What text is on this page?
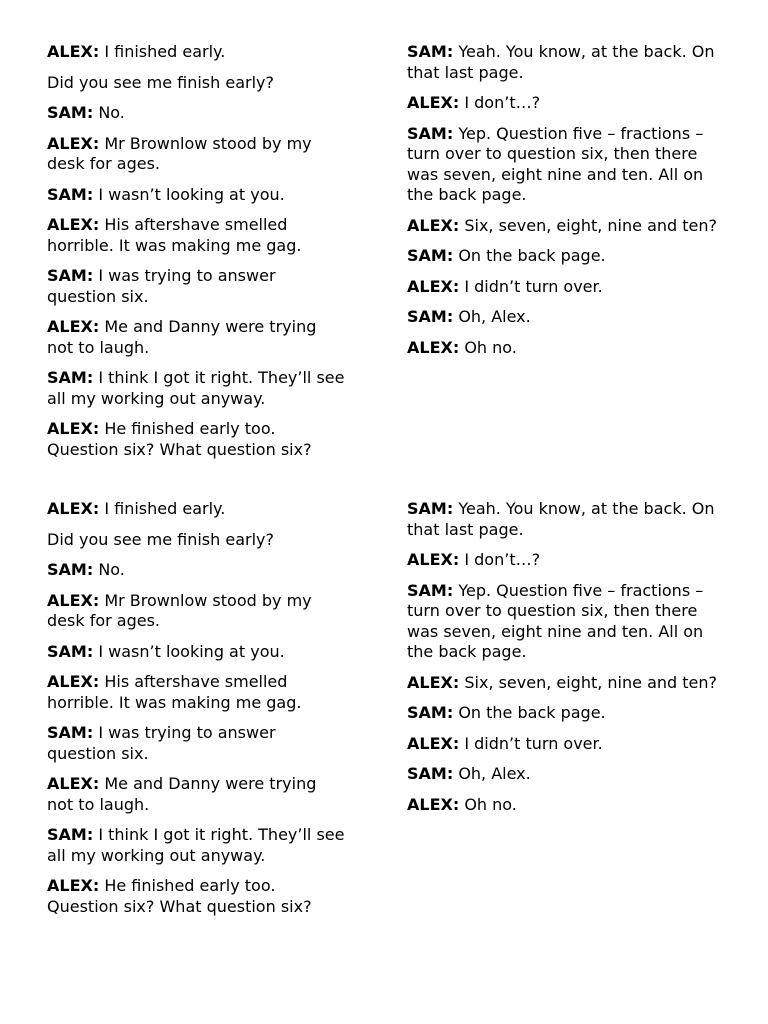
ALEX: I finished early.

Did you see me finish early?

SAM: No.

ALEX: Mr Brownlow stood by my desk for ages.

SAM: I wasn’t looking at you.

ALEX: His aftershave smelled horrible. It was making me gag.

SAM: I was trying to answer question six.

ALEX: Me and Danny were trying not to laugh.

SAM: I think I got it right. They’ll see all my working out anyway.

ALEX: He finished early too. Question six? What question six?

SAM: Yeah. You know, at the back. On that last page.

ALEX: I don’t…?

SAM: Yep. Question five – fractions – turn over to question six, then there was seven, eight nine and ten. All on the back page.

ALEX: Six, seven, eight, nine and ten?

SAM: On the back page.

ALEX: I didn’t turn over.

SAM: Oh, Alex.

ALEX: Oh no.

ALEX: I finished early.

Did you see me finish early?

SAM: No.

ALEX: Mr Brownlow stood by my desk for ages.

SAM: I wasn’t looking at you.

ALEX: His aftershave smelled horrible. It was making me gag.

SAM: I was trying to answer question six.

ALEX: Me and Danny were trying not to laugh.

SAM: I think I got it right. They’ll see all my working out anyway.

ALEX: He finished early too. Question six? What question six?

SAM: Yeah. You know, at the back. On that last page.

ALEX: I don’t…?

SAM: Yep. Question five – fractions – turn over to question six, then there was seven, eight nine and ten. All on the back page.

ALEX: Six, seven, eight, nine and ten?

SAM: On the back page.

ALEX: I didn’t turn over.

SAM: Oh, Alex.

ALEX: Oh no.
